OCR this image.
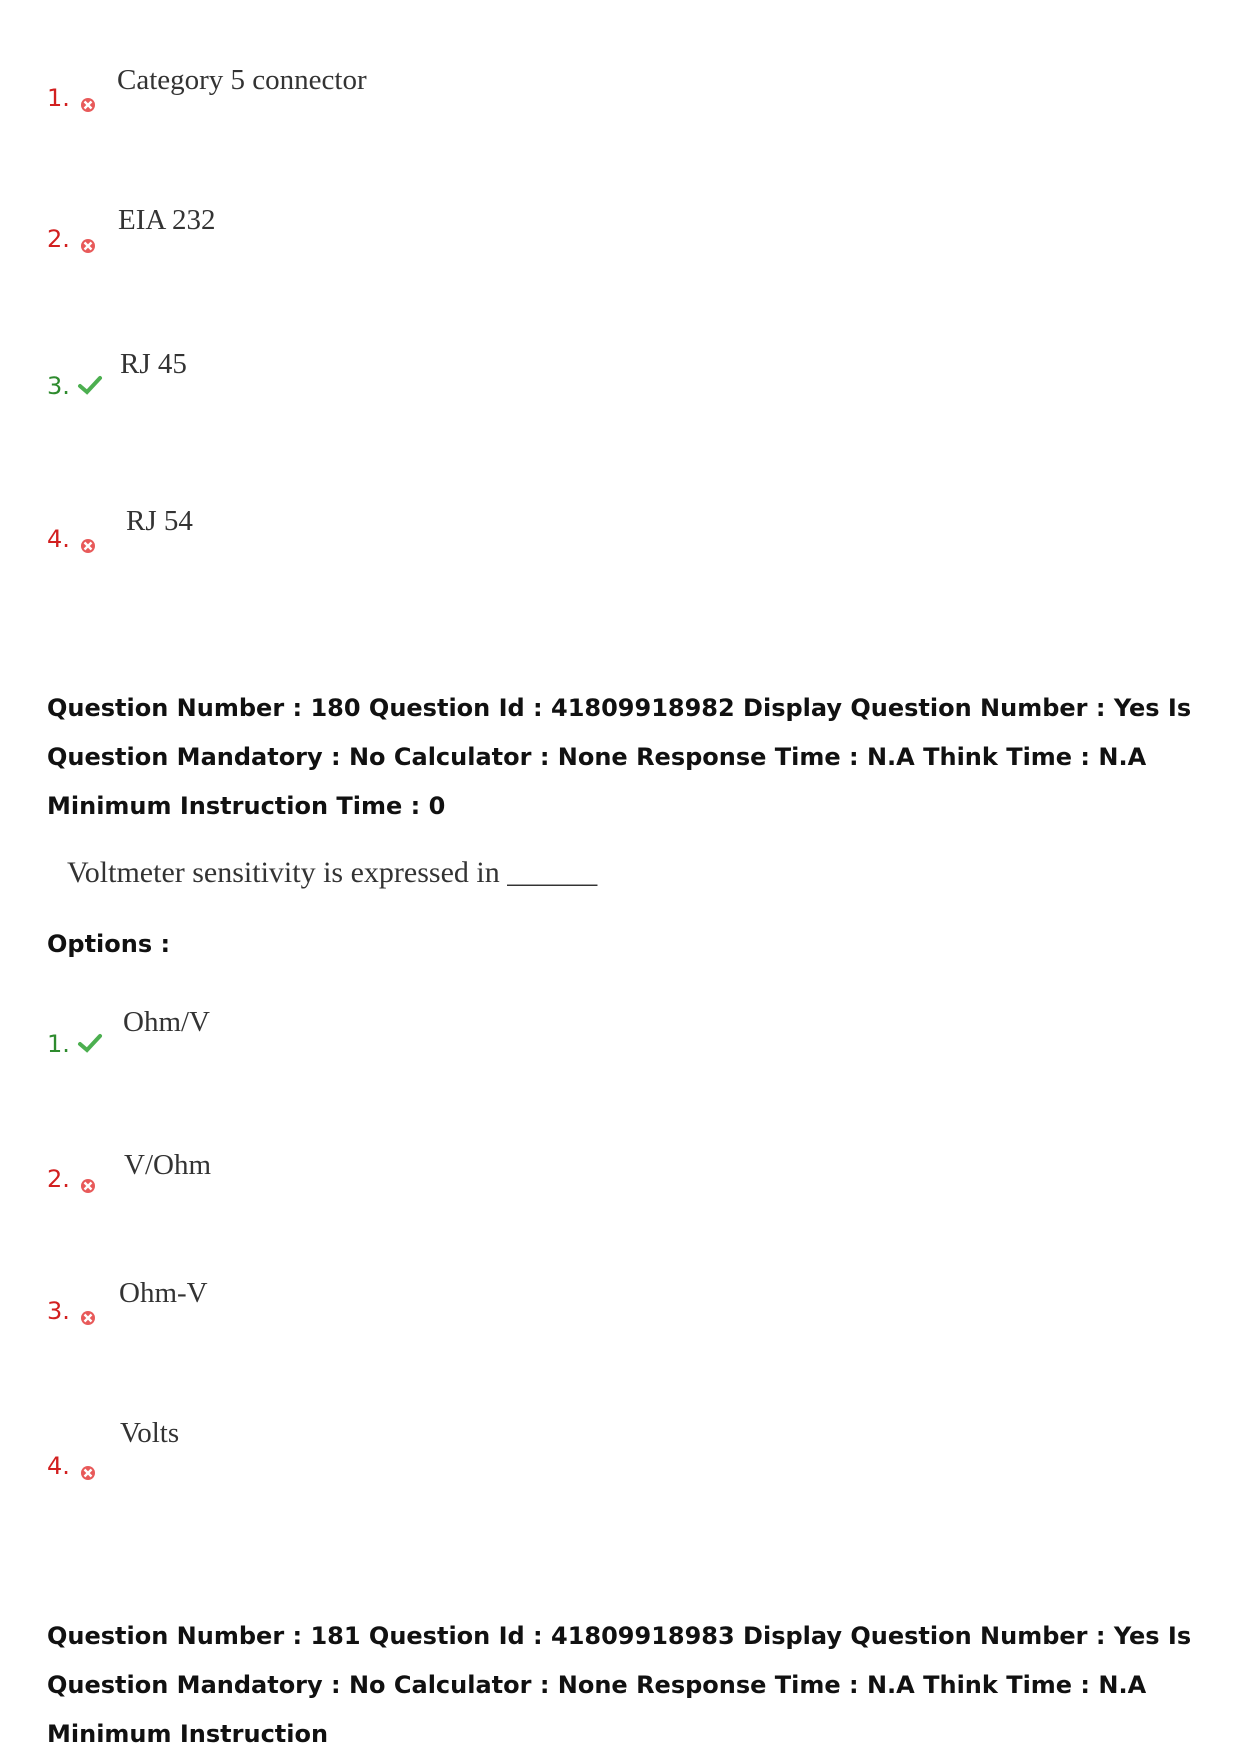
1.
Category 5 connector
2.
EIA 232
3.
RJ 45
4.
RJ 54
Question Number : 180 Question Id : 41809918982 Display Question Number : Yes Is Question Mandatory : No Calculator : None Response Time : N.A Think Time : N.A Minimum Instruction Time : 0
Voltmeter sensitivity is expressed in ______
Options :
1.
Ohm/V
2. V/Ohm
3.
Ohm-V
4.
Volts
Question Number : 181 Question Id : 41809918983 Display Question Number : Yes Is Question Mandatory : No Calculator : None Response Time : N.A Think Time : N.A Minimum Instruction
